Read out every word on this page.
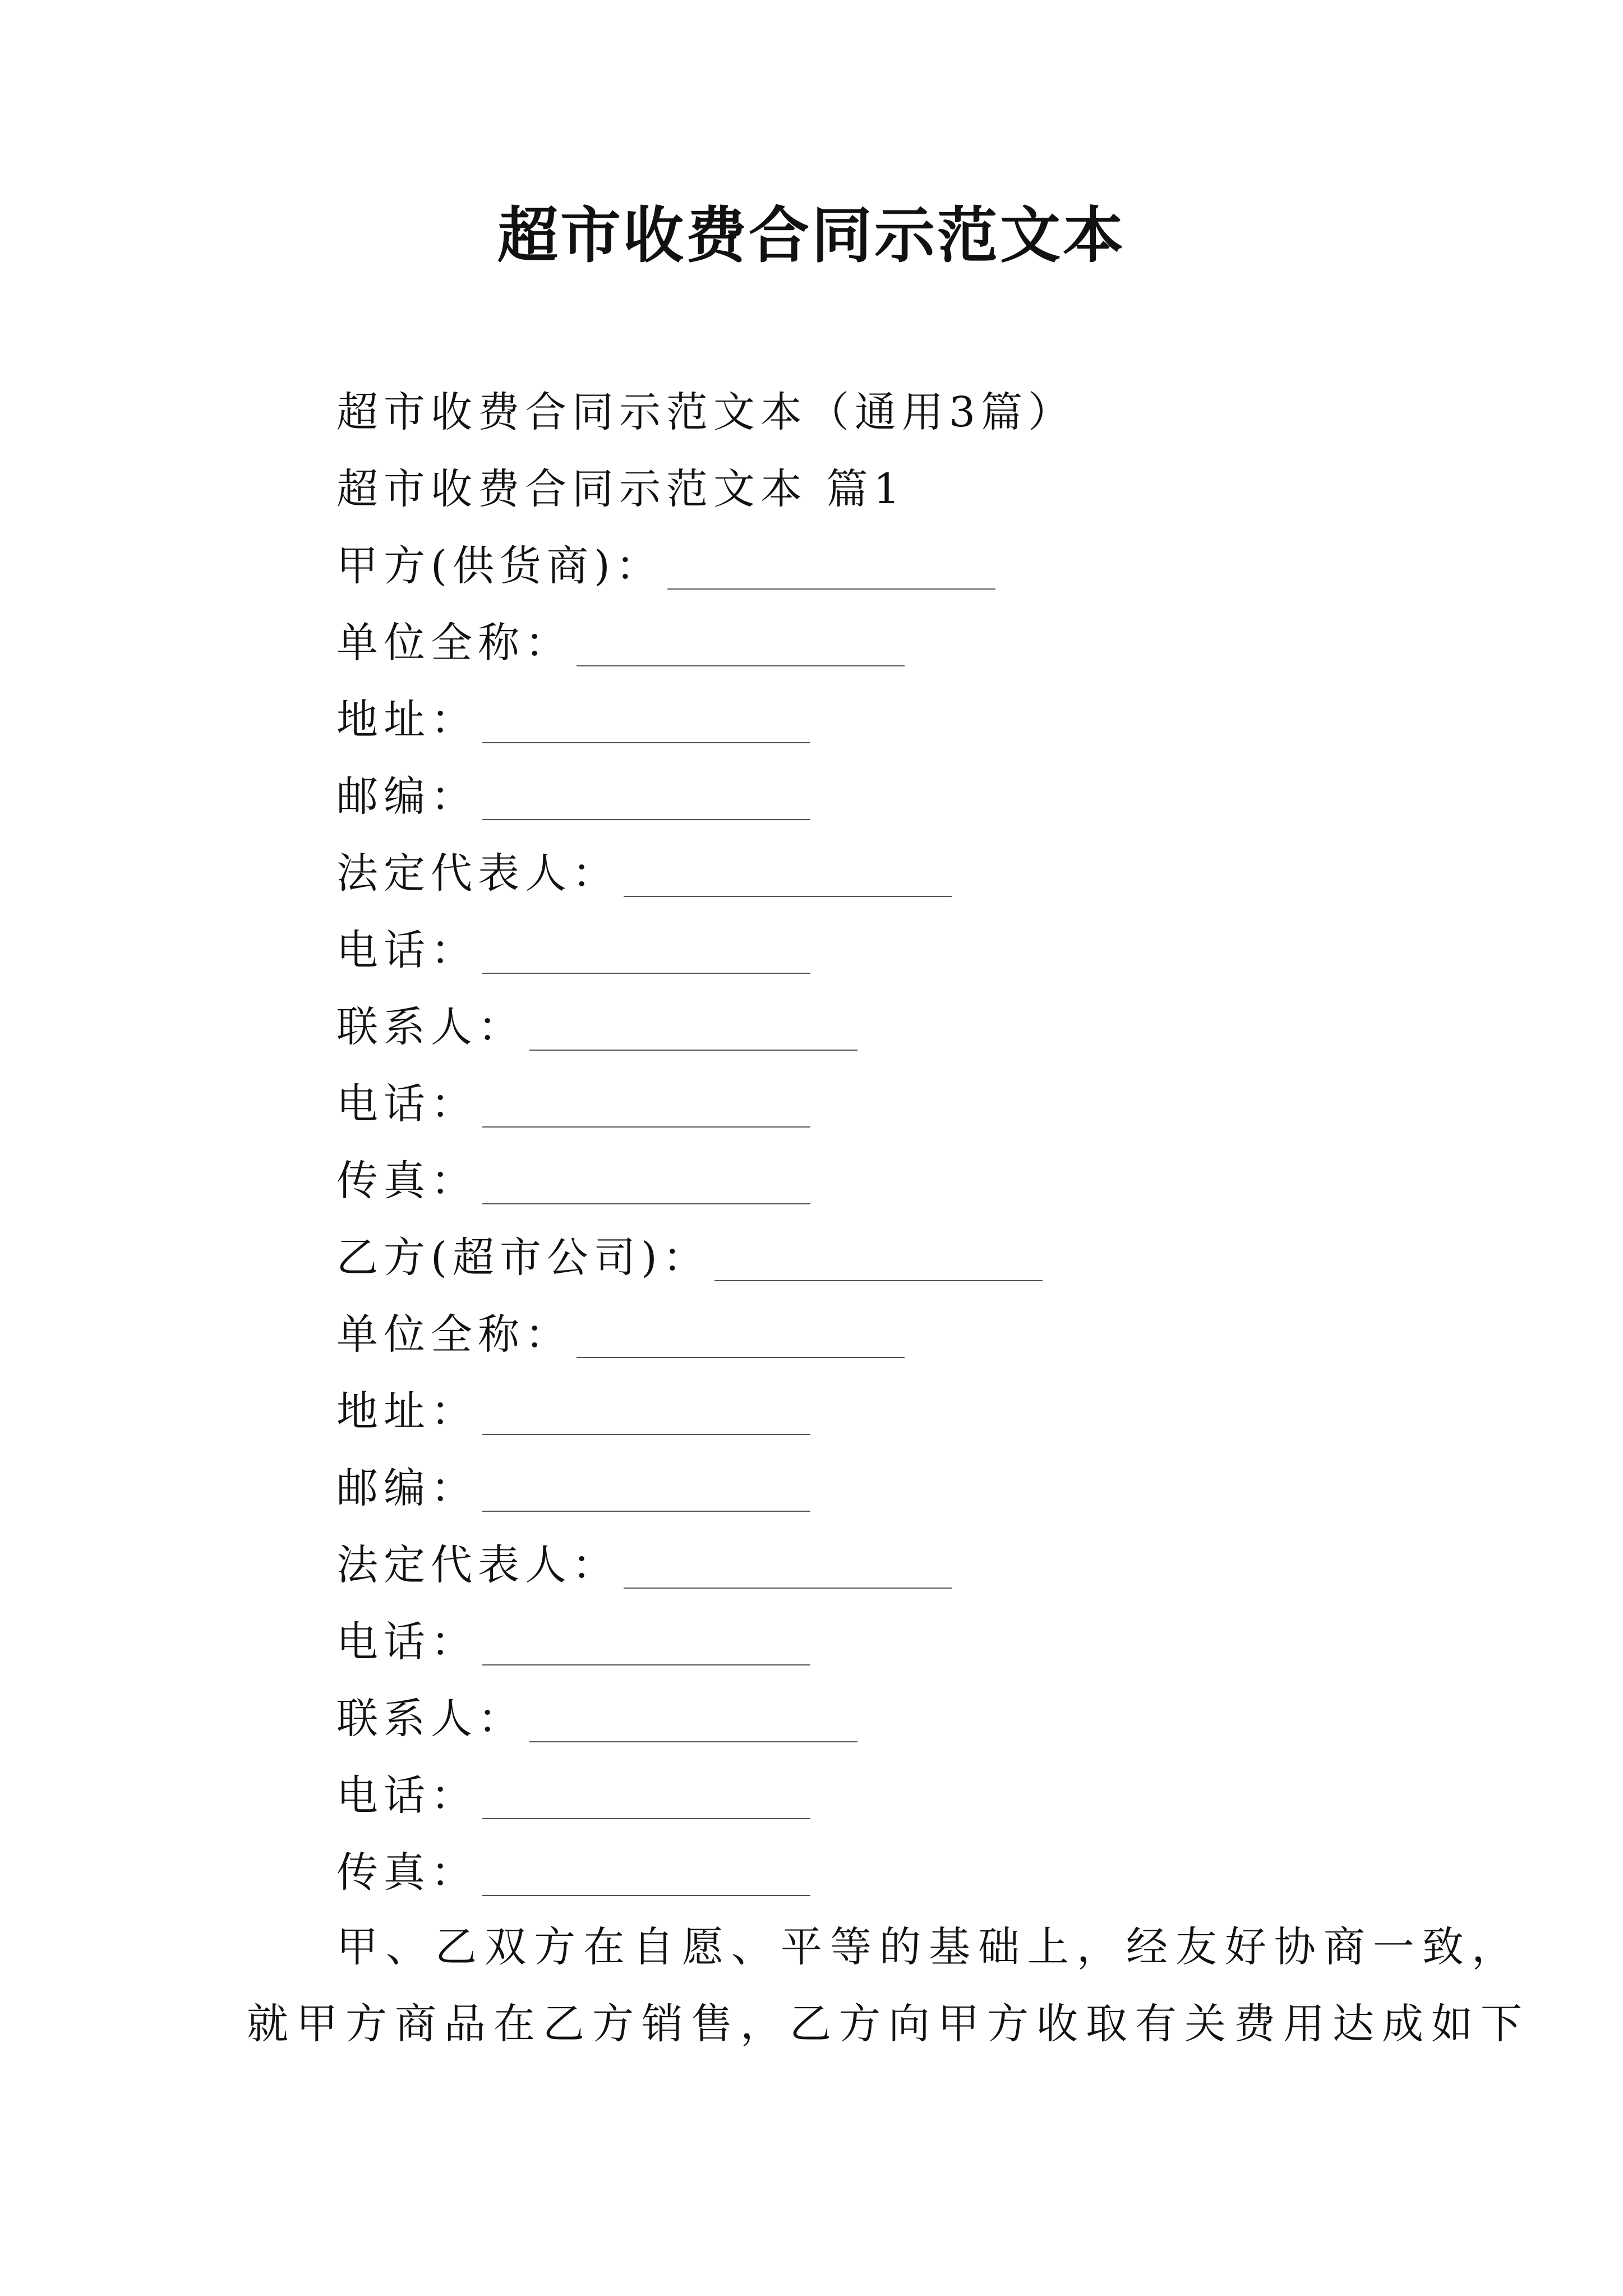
超市收费合同示范文本
超市收费合同示范文本（通用3篇）
超市收费合同示范文本 篇1
甲方(供货商)：
单位全称：
地址：
邮编：
法定代表人：
电话：
联系人：
电话：
传真：
乙方(超市公司)：
单位全称：
地址：
邮编：
法定代表人：
电话：
联系人：
电话：
传真：
甲、乙双方在自愿、平等的基础上，经友好协商一致，
就甲方商品在乙方销售，乙方向甲方收取有关费用达成如下
